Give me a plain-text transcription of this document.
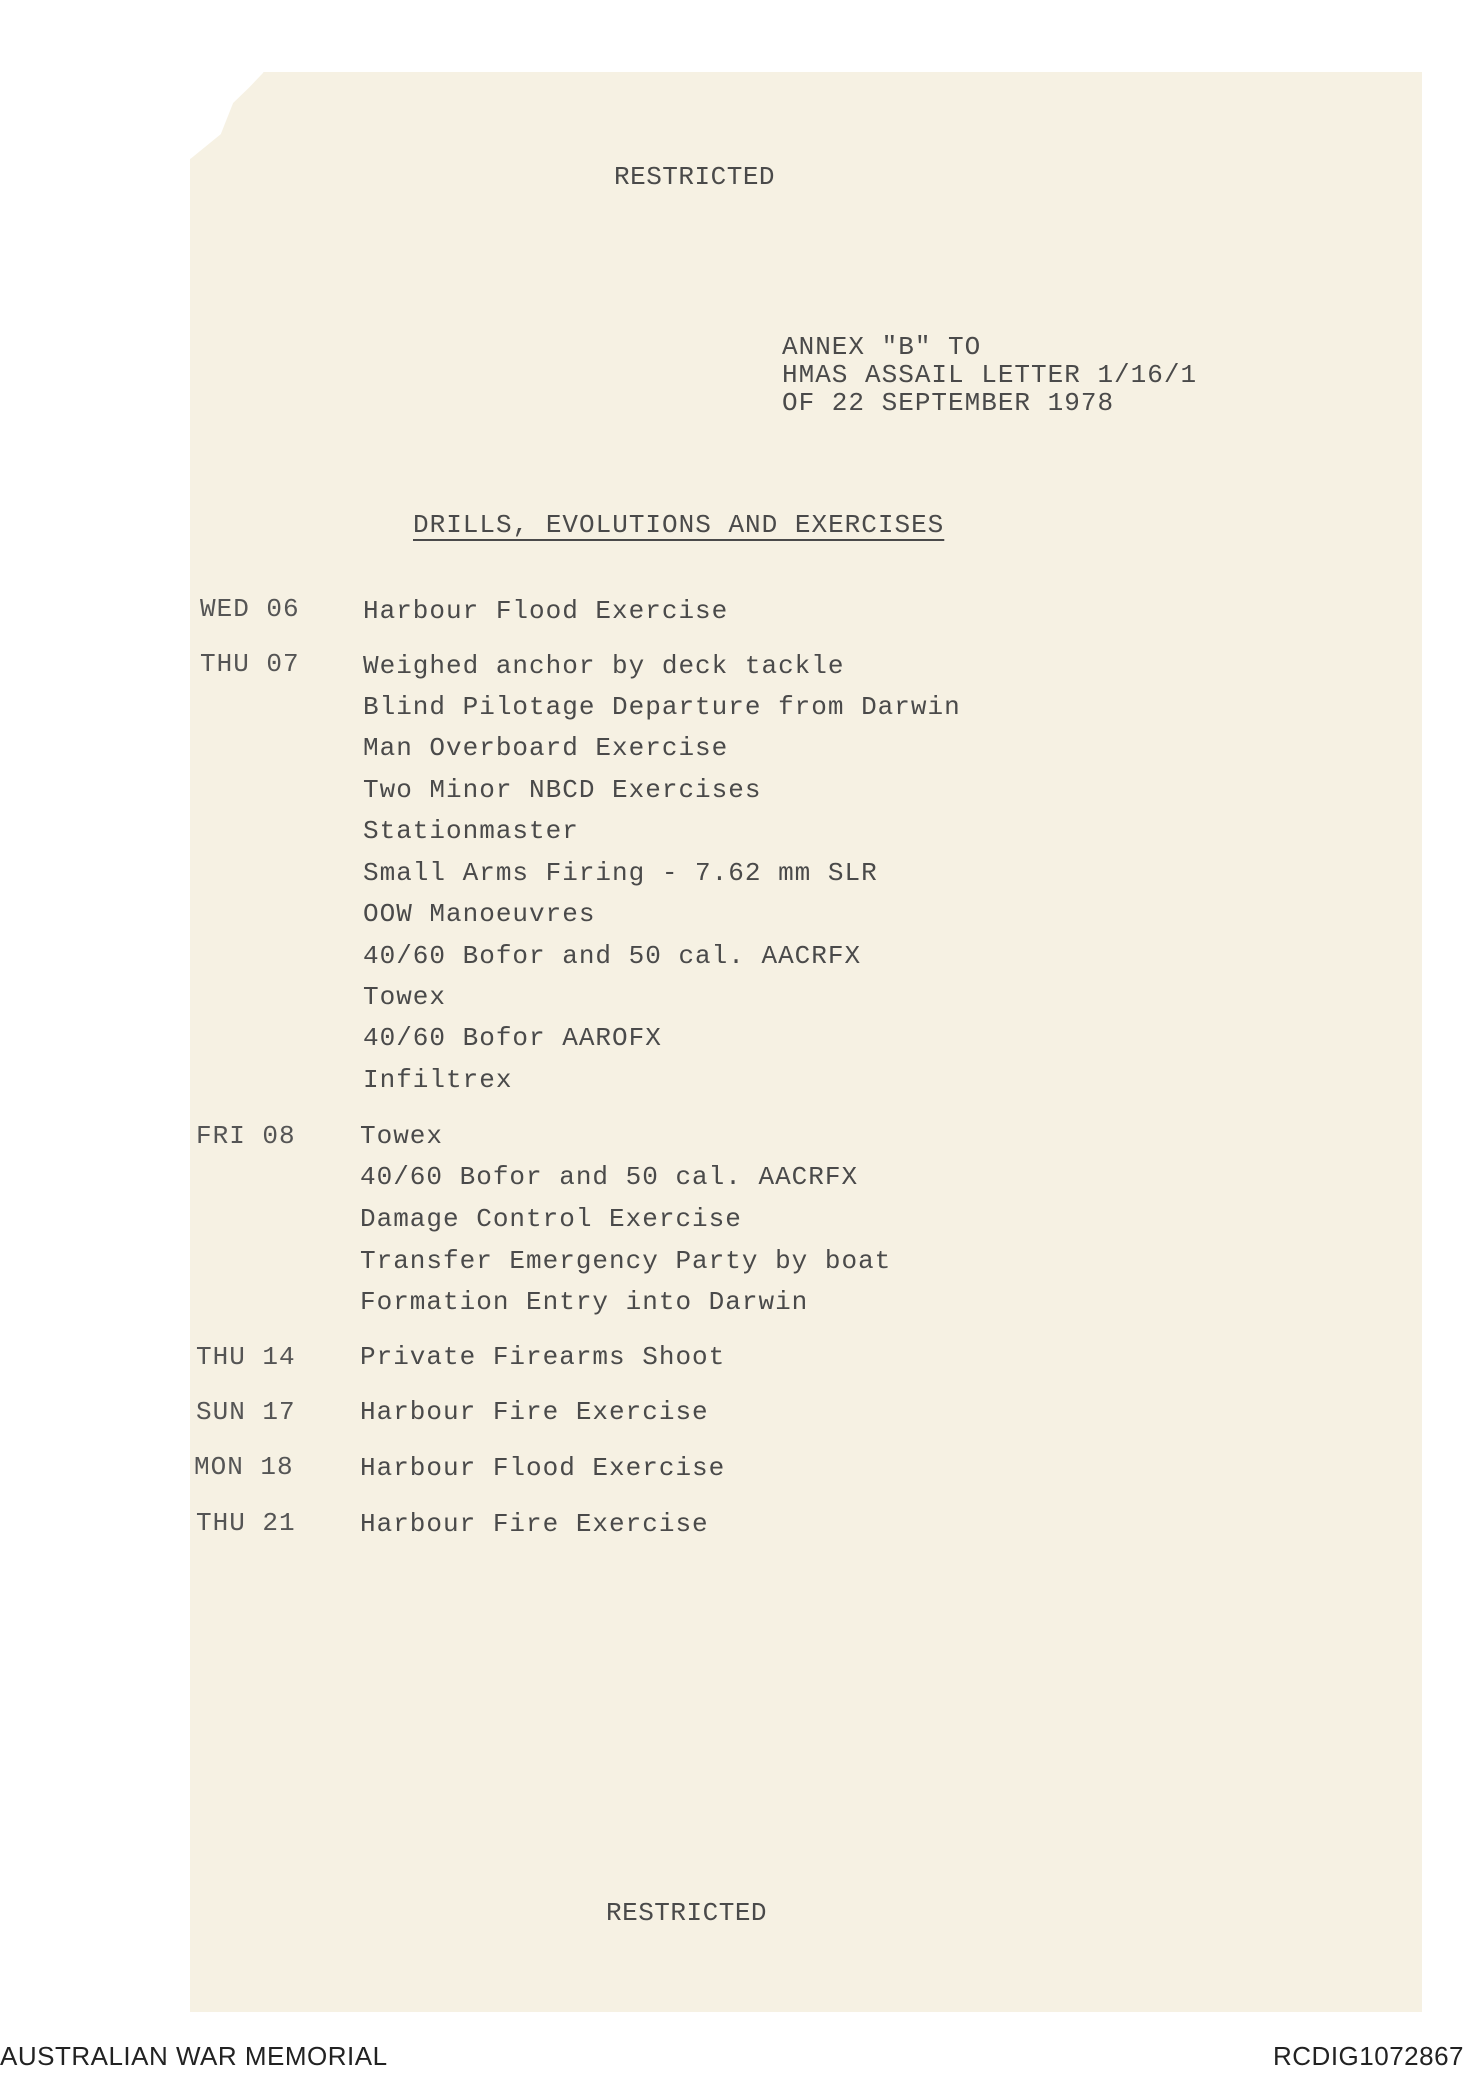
RESTRICTED
ANNEX "B" TO
HMAS ASSAIL LETTER 1/16/1
OF 22 SEPTEMBER 1978
DRILLS, EVOLUTIONS AND EXERCISES
WED 06 Harbour Flood Exercise
THU 07 Weighed anchor by deck tackle
Blind Pilotage Departure from Darwin
Man Overboard Exercise
Two Minor NBCD Exercises
Stationmaster
Small Arms Firing - 7.62 mm SLR
OOW Manoeuvres
40/60 Bofor and 50 cal. AACRFX
Towex
40/60 Bofor AAROFX
Infiltrex
FRI 08 Towex
40/60 Bofor and 50 cal. AACRFX
Damage Control Exercise
Transfer Emergency Party by boat
Formation Entry into Darwin
THU 14 Private Firearms Shoot
SUN 17 Harbour Fire Exercise
MON 18	Harbour Flood Exercise
THU 21 Harbour Fire Exercise
RESTRICTED
AUSTRALIAN WAR MEMORIAL	RCDIG1072867
